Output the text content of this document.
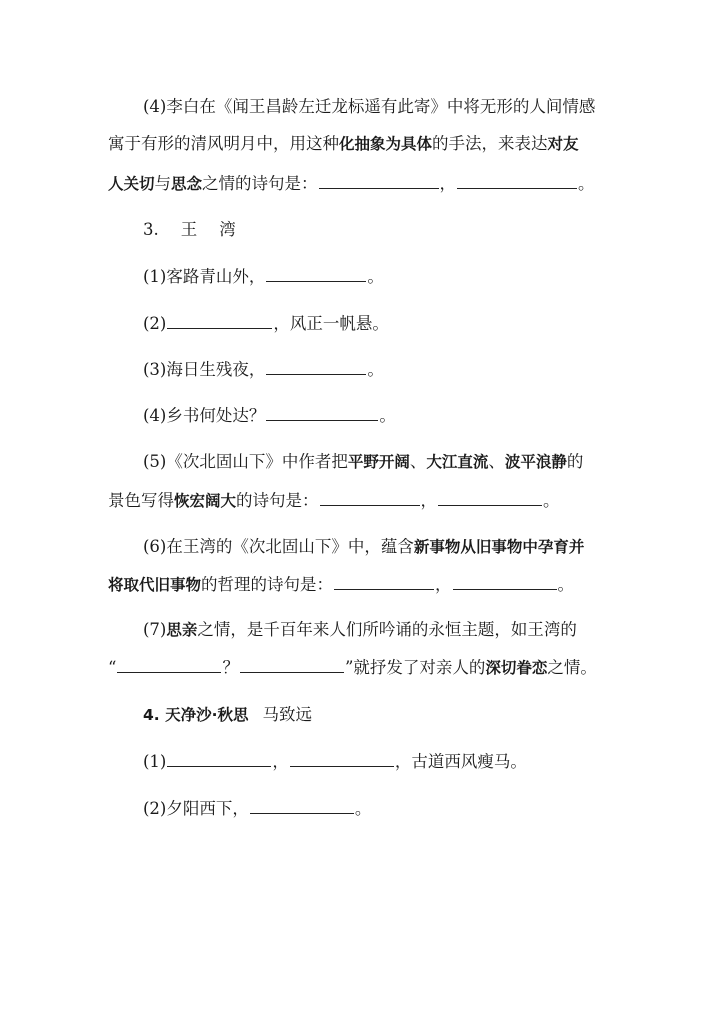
(4)李白在《闻王昌龄左迁龙标遥有此寄》中将无形的人间情感
寓于有形的清风明月中，用这种化抽象为具体的手法，来表达对友
人关切与思念之情的诗句是：	，	。
3. 王 湾
(1)客路青山外，	。
(2)	，风正一帆悬。
(3)海日生残夜，	。
(4)乡书何处达？	。
(5)《次北固山下》中作者把平野开阔、大江直流、波平浪静的
景色写得恢宏阔大的诗句是：	，	。
(6)在王湾的《次北固山下》中，蕴含新事物从旧事物中孕育并
将取代旧事物的哲理的诗句是：	，	。
(7)思亲之情，是千百年来人们所吟诵的永恒主题，如王湾的
“	？	”就抒发了对亲人的深切眷恋之情。
4. 天净沙·秋思 马致远
(1)	，	，古道西风瘦马。
(2)夕阳西下，	。
